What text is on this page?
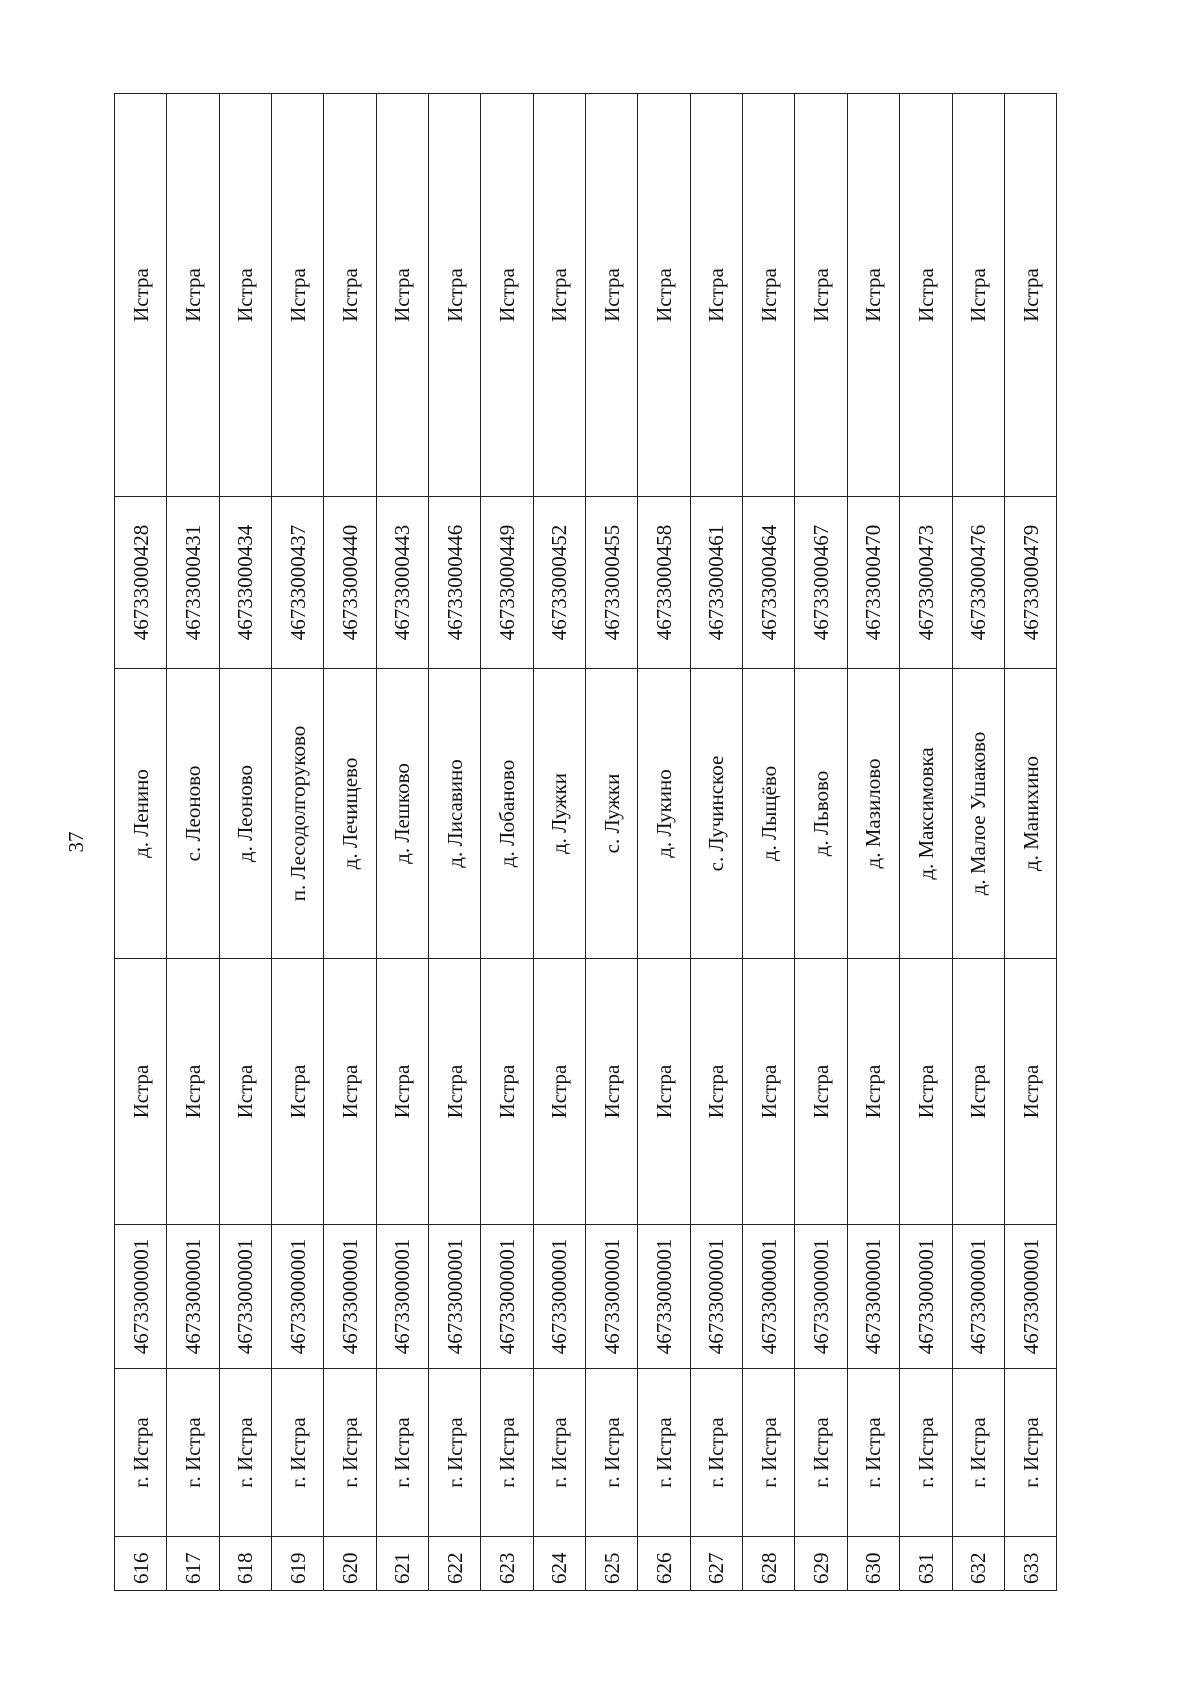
37
616	г. Истра	46733000001	Истра	д. Ленино	46733000428	Истра
617	г. Истра	46733000001	Истра	с. Леоново	46733000431	Истра
618	г. Истра	46733000001	Истра	д. Леоново	46733000434	Истра
619	г. Истра	46733000001	Истра	п. Лесодолгоруково	46733000437	Истра
620	г. Истра	46733000001	Истра	д. Лечищево	46733000440	Истра
621	г. Истра	46733000001	Истра	д. Лешково	46733000443	Истра
622	г. Истра	46733000001	Истра	д. Лисавино	46733000446	Истра
623	г. Истра	46733000001	Истра	д. Лобаново	46733000449	Истра
624	г. Истра	46733000001	Истра	д. Лужки	46733000452	Истра
625	г. Истра	46733000001	Истра	с. Лужки	46733000455	Истра
626	г. Истра	46733000001	Истра	д. Лукино	46733000458	Истра
627	г. Истра	46733000001	Истра	с. Лучинское	46733000461	Истра
628	г. Истра	46733000001	Истра	д. Лыщёво	46733000464	Истра
629	г. Истра	46733000001	Истра	д. Львово	46733000467	Истра
630	г. Истра	46733000001	Истра	д. Мазилово	46733000470	Истра
631	г. Истра	46733000001	Истра	д. Максимовка	46733000473	Истра
632	г. Истра	46733000001	Истра	д. Малое Ушаково	46733000476	Истра
633	г. Истра	46733000001	Истра	д. Манихино	46733000479	Истра
